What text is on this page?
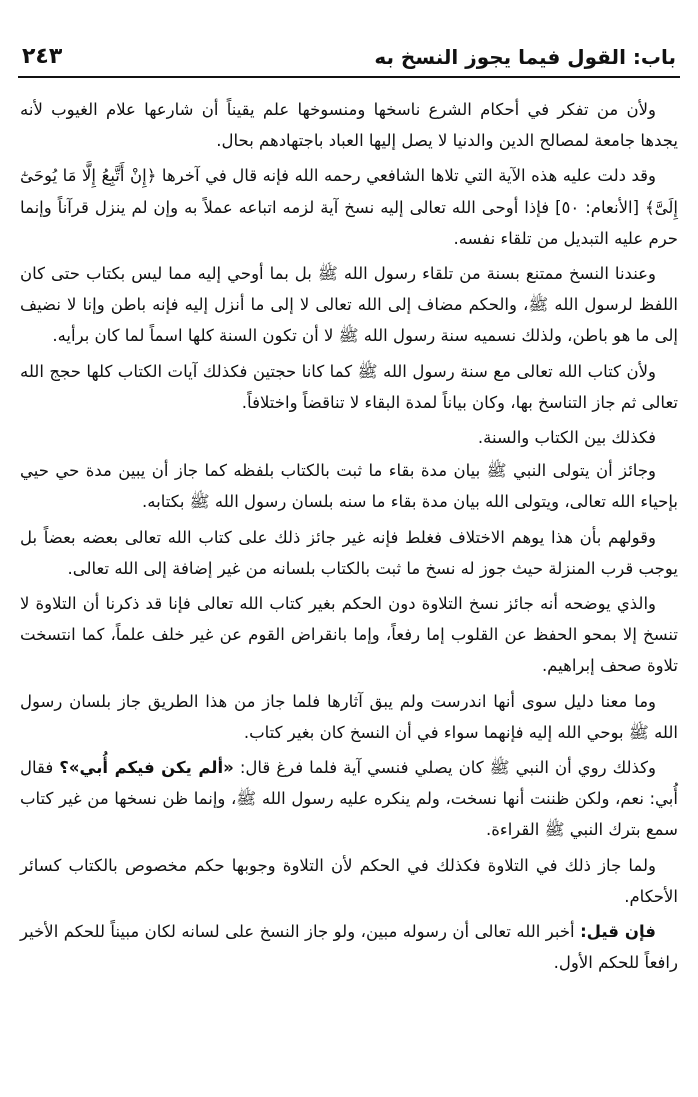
باب: القول فيما يجوز النسخ به
٢٤٣

ولأن من تفكر في أحكام الشرع ناسخها ومنسوخها علم يقيناً أن شارعها علام الغيوب لأنه يجدها جامعة لمصالح الدين والدنيا لا يصل إليها العباد باجتهادهم بحال.

وقد دلت عليه هذه الآية التي تلاها الشافعي رحمه الله فإنه قال في آخرها ﴿إِنْ أَتَّبِعُ إِلَّا مَا يُوحَىٰٓ إِلَىَّ﴾ [الأنعام: ٥٠] فإذا أوحى الله تعالى إليه نسخ آية لزمه اتباعه عملاً به وإن لم ينزل قرآناً وإنما حرم عليه التبديل من تلقاء نفسه.

وعندنا النسخ ممتنع بسنة من تلقاء رسول الله ﷺ بل بما أوحي إليه مما ليس بكتاب حتى كان اللفظ لرسول الله ﷺ، والحكم مضاف إلى الله تعالى لا إلى ما أنزل إليه فإنه باطن وإنا لا نضيف إلى ما هو باطن، ولذلك نسميه سنة رسول الله ﷺ لا أن تكون السنة كلها اسماً لما كان برأيه.

ولأن كتاب الله تعالى مع سنة رسول الله ﷺ كما كانا حجتين فكذلك آيات الكتاب كلها حجج الله تعالى ثم جاز التناسخ بها، وكان بياناً لمدة البقاء لا تناقضاً واختلافاً.

فكذلك بين الكتاب والسنة.

وجائز أن يتولى النبي ﷺ بيان مدة بقاء ما ثبت بالكتاب بلفظه كما جاز أن يبين مدة حي حيي بإحياء الله تعالى، ويتولى الله بيان مدة بقاء ما سنه بلسان رسول الله ﷺ بكتابه.

وقولهم بأن هذا يوهم الاختلاف فغلط فإنه غير جائز ذلك على كتاب الله تعالى بعضه بعضاً بل يوجب قرب المنزلة حيث جوز له نسخ ما ثبت بالكتاب بلسانه من غير إضافة إلى الله تعالى.

والذي يوضحه أنه جائز نسخ التلاوة دون الحكم بغير كتاب الله تعالى فإنا قد ذكرنا أن التلاوة لا تنسخ إلا بمحو الحفظ عن القلوب إما رفعاً، وإما بانقراض القوم عن غير خلف علماً، كما انتسخت تلاوة صحف إبراهيم.

وما معنا دليل سوى أنها اندرست ولم يبق آثارها فلما جاز من هذا الطريق جاز بلسان رسول الله ﷺ بوحي الله إليه فإنهما سواء في أن النسخ كان بغير كتاب.

وكذلك روي أن النبي ﷺ كان يصلي فنسي آية فلما فرغ قال: «ألم يكن فيكم أُبي»؟ فقال أُبي: نعم، ولكن ظننت أنها نسخت، ولم ينكره عليه رسول الله ﷺ، وإنما ظن نسخها من غير كتاب سمع بترك النبي ﷺ القراءة.

ولما جاز ذلك في التلاوة فكذلك في الحكم لأن التلاوة وجوبها حكم مخصوص بالكتاب كسائر الأحكام.

فإن قيل: أخبر الله تعالى أن رسوله مبين، ولو جاز النسخ على لسانه لكان مبيناً للحكم الأخير رافعاً للحكم الأول.
